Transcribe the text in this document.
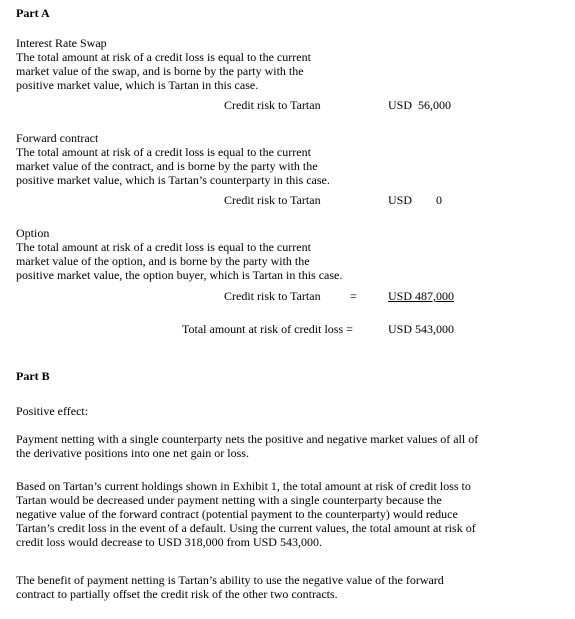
Part A
Interest Rate Swap
The total amount at risk of a credit loss is equal to the current
market value of the swap, and is borne by the party with the
positive market value, which is Tartan in this case.
Credit risk to Tartan	USD  56,000
Forward contract
The total amount at risk of a credit loss is equal to the current
market value of the contract, and is borne by the party with the
positive market value, which is Tartan’s counterparty in this case.
Credit risk to Tartan	USD 0
Option
The total amount at risk of a credit loss is equal to the current
market value of the option, and is borne by the party with the
positive market value, the option buyer, which is Tartan in this case.
Credit risk to Tartan =	USD 487,000
Total amount at risk of credit loss =	USD 543,000
Part B
Positive effect:
Payment netting with a single counterparty nets the positive and negative market values of all of
the derivative positions into one net gain or loss.
Based on Tartan’s current holdings shown in Exhibit 1, the total amount at risk of credit loss to
Tartan would be decreased under payment netting with a single counterparty because the
negative value of the forward contract (potential payment to the counterparty) would reduce
Tartan’s credit loss in the event of a default. Using the current values, the total amount at risk of
credit loss would decrease to USD 318,000 from USD 543,000.
The benefit of payment netting is Tartan’s ability to use the negative value of the forward
contract to partially offset the credit risk of the other two contracts.
